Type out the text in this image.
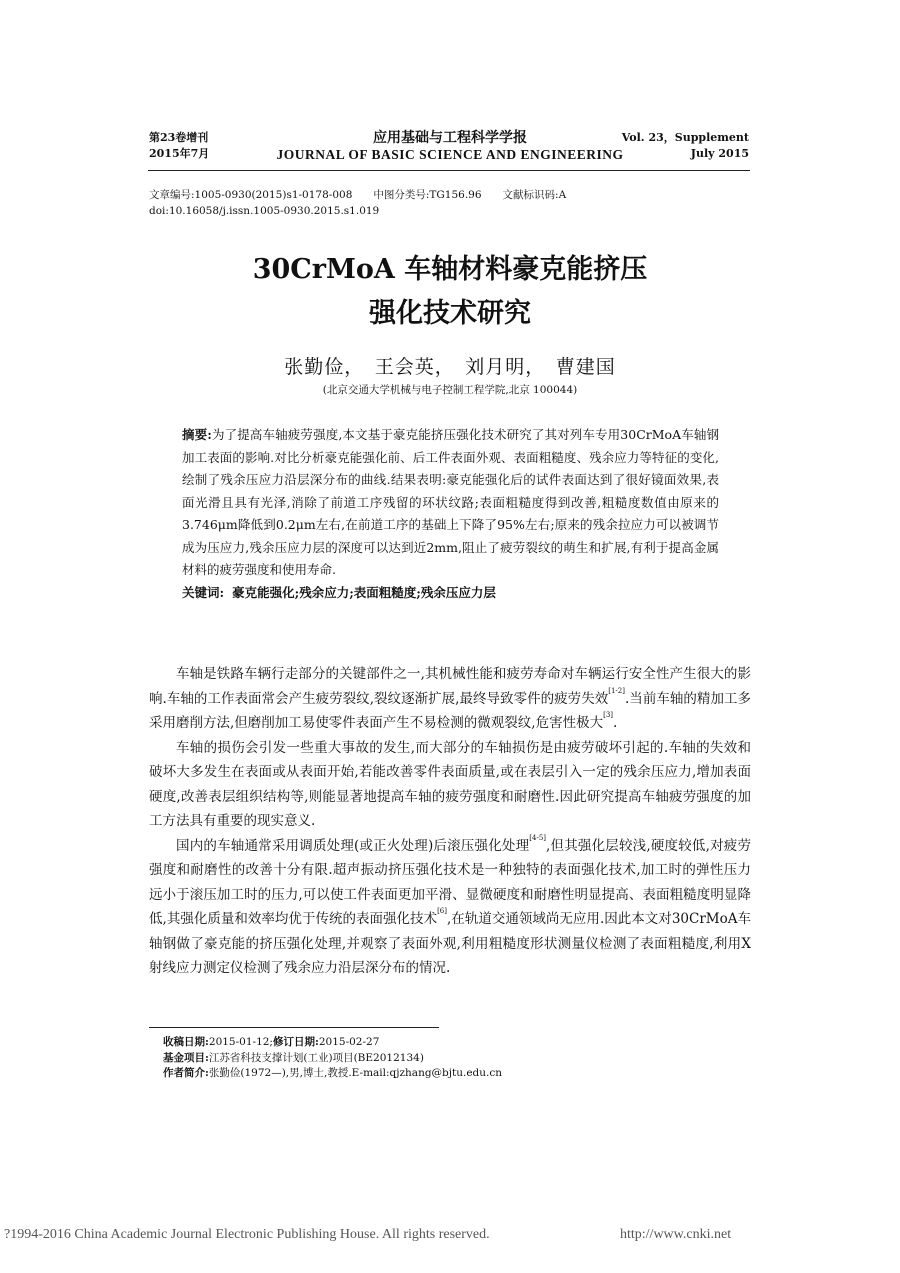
第23卷增刊
2015年7月
应用基础与工程科学学报
JOURNAL OF BASIC SCIENCE AND ENGINEERING
Vol. 23，Supplement
July 2015
文章编号:1005-0930(2015)s1-0178-008　　中图分类号:TG156.96　　文献标识码:A
doi:10.16058/j.issn.1005-0930.2015.s1.019
30CrMoA 车轴材料豪克能挤压
强化技术研究
张勤俭，　王会英，　刘月明，　曹建国
(北京交通大学机械与电子控制工程学院,北京 100044)
摘要:为了提高车轴疲劳强度,本文基于豪克能挤压强化技术研究了其对列车专用30CrMoA车轴钢加工表面的影响.对比分析豪克能强化前、后工件表面外观、表面粗糙度、残余应力等特征的变化,绘制了残余压应力沿层深分布的曲线.结果表明:豪克能强化后的试件表面达到了很好镜面效果,表面光滑且具有光泽,消除了前道工序残留的环状纹路;表面粗糙度得到改善,粗糙度数值由原来的3.746μm降低到0.2μm左右,在前道工序的基础上下降了95%左右;原来的残余拉应力可以被调节成为压应力,残余压应力层的深度可以达到近2mm,阻止了疲劳裂纹的萌生和扩展,有利于提高金属材料的疲劳强度和使用寿命.
关键词: 豪克能强化;残余应力;表面粗糙度;残余压应力层

车轴是铁路车辆行走部分的关键部件之一,其机械性能和疲劳寿命对车辆运行安全性产生很大的影响.车轴的工作表面常会产生疲劳裂纹,裂纹逐渐扩展,最终导致零件的疲劳失效[1-2].当前车轴的精加工多采用磨削方法,但磨削加工易使零件表面产生不易检测的微观裂纹,危害性极大[3].

车轴的损伤会引发一些重大事故的发生,而大部分的车轴损伤是由疲劳破坏引起的.车轴的失效和破坏大多发生在表面或从表面开始,若能改善零件表面质量,或在表层引入一定的残余压应力,增加表面硬度,改善表层组织结构等,则能显著地提高车轴的疲劳强度和耐磨性.因此研究提高车轴疲劳强度的加工方法具有重要的现实意义.

国内的车轴通常采用调质处理(或正火处理)后滚压强化处理[4-5],但其强化层较浅,硬度较低,对疲劳强度和耐磨性的改善十分有限.超声振动挤压强化技术是一种独特的表面强化技术,加工时的弹性压力远小于滚压加工时的压力,可以使工件表面更加平滑、显微硬度和耐磨性明显提高、表面粗糙度明显降低,其强化质量和效率均优于传统的表面强化技术[6],在轨道交通领域尚无应用.因此本文对30CrMoA车轴钢做了豪克能的挤压强化处理,并观察了表面外观,利用粗糙度形状测量仪检测了表面粗糙度,利用X射线应力测定仪检测了残余应力沿层深分布的情况.

收稿日期:2015-01-12;修订日期:2015-02-27
基金项目:江苏省科技支撑计划(工业)项目(BE2012134)
作者简介:张勤俭(1972—),男,博士,教授.E-mail:qjzhang@bjtu.edu.cn
?1994-2016 China Academic Journal Electronic Publishing House. All rights reserved.	http://www.cnki.net
